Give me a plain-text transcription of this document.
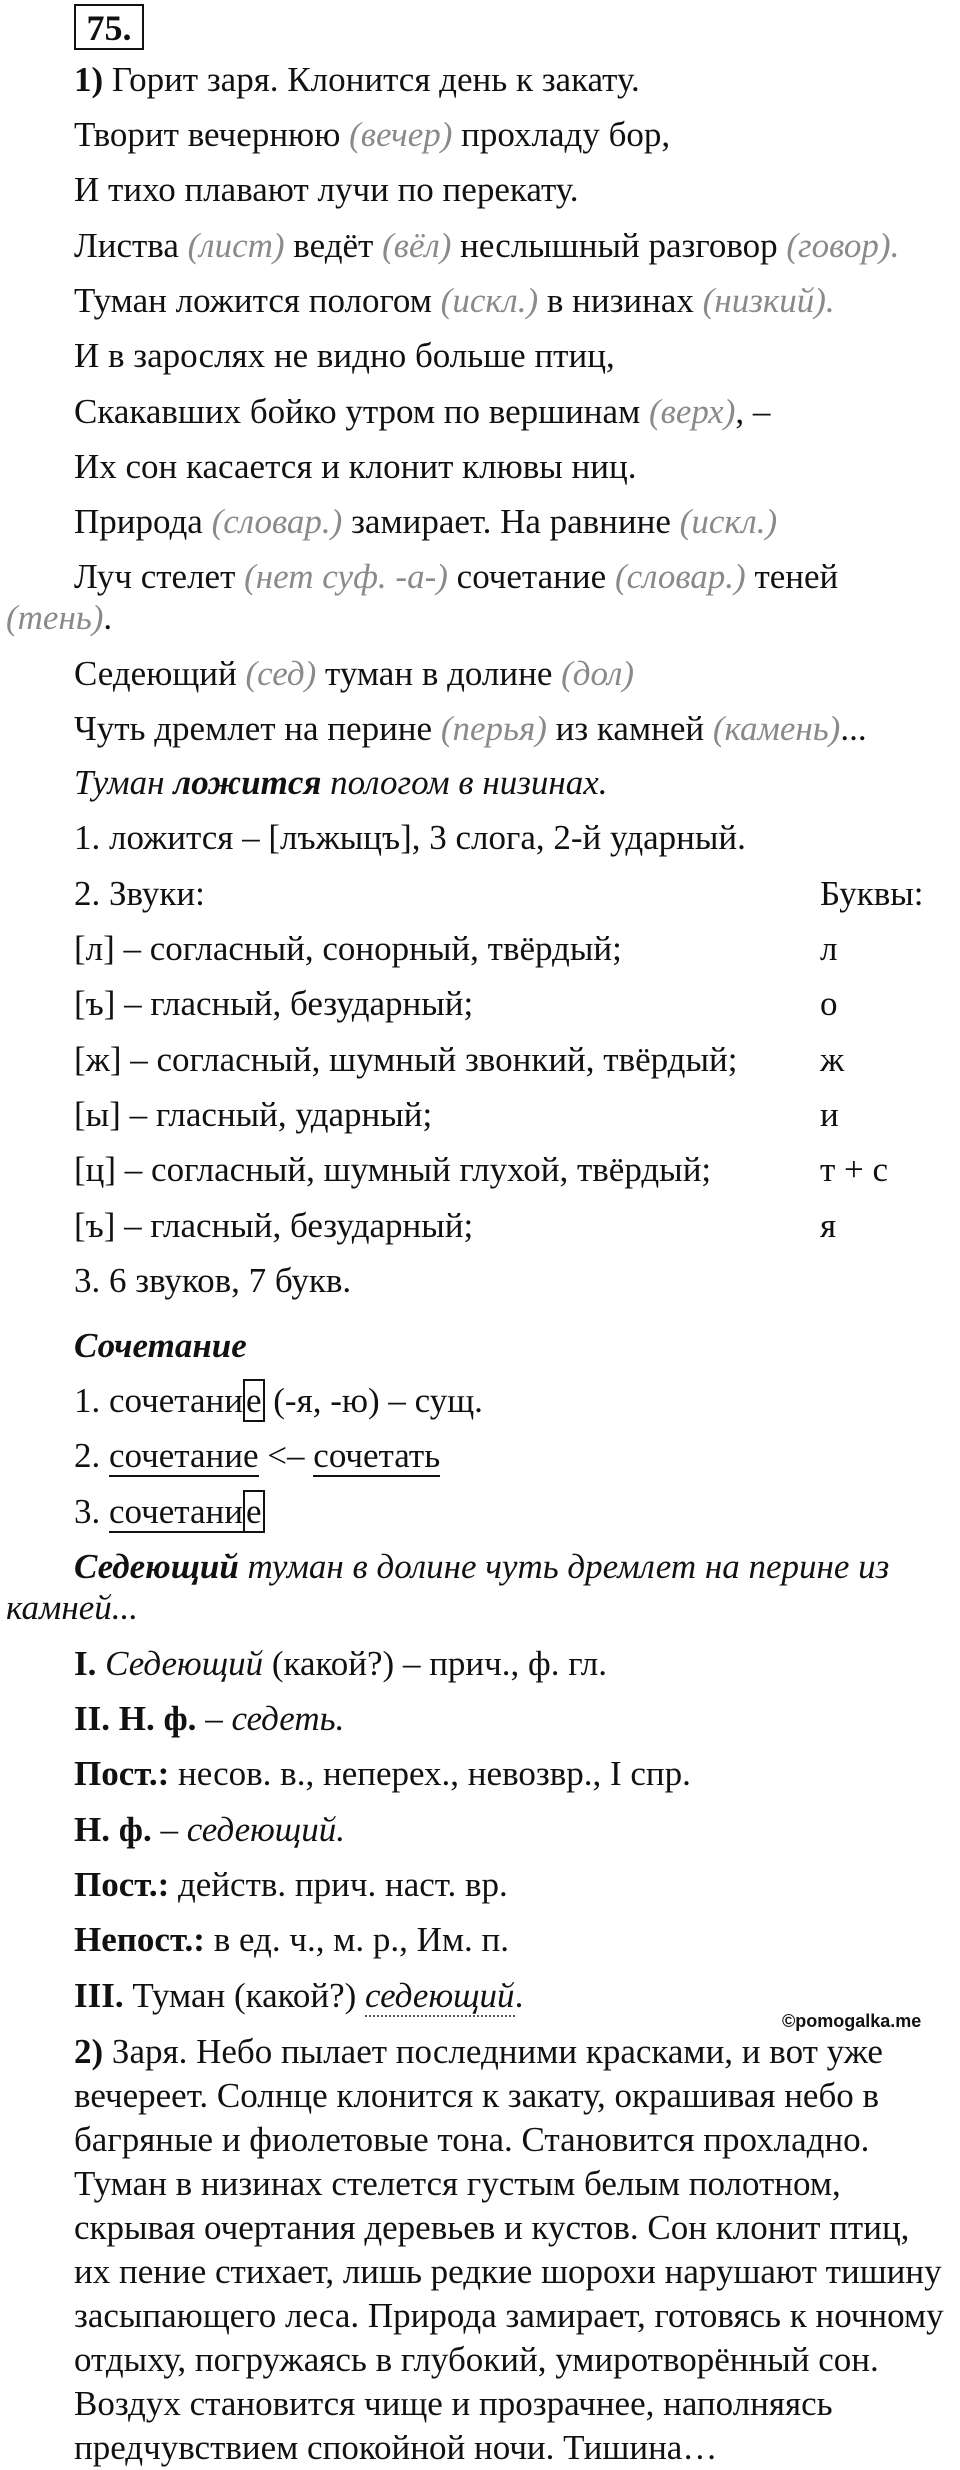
75.
1) Горит заря. Клонится день к закату.
Творит вечернюю (вечер) прохладу бор,
И тихо плавают лучи по перекату.
Листва (лист) ведёт (вёл) неслышный разговор (говор).
Туман ложится пологом (искл.) в низинах (низкий).
И в зарослях не видно больше птиц,
Скакавших бойко утром по вершинам (верх), –
Их сон касается и клонит клювы ниц.
Природа (словар.) замирает. На равнине (искл.)
Луч стелет (нет суф. -а-) сочетание (словар.) теней
(тень).
Седеющий (сед) туман в долине (дол)
Чуть дремлет на перине (перья) из камней (камень)...
Туман ложится пологом в низинах.
1. ложится – [лъжыцъ], 3 слога, 2-й ударный.
2. Звуки:	Буквы:
[л] – согласный, сонорный, твёрдый;	л
[ъ] – гласный, безударный;	о
[ж] – согласный, шумный звонкий, твёрдый; ж
[ы] – гласный, ударный;	и
[ц] – согласный, шумный глухой, твёрдый;	т + с
[ъ] – гласный, безударный;	я
3. 6 звуков, 7 букв.
Сочетание
1. сочетание (-я, -ю) – сущ.
2. сочетание <– сочетать
3. сочетание
Седеющий туман в долине чуть дремлет на перине из
камней...
I. Седеющий (какой?) – прич., ф. гл.
II. Н. ф. – седеть.
Пост.: несов. в., неперех., невозвр., I спр.
Н. ф. – седеющий.
Пост.: действ. прич. наст. вр.
Непост.: в ед. ч., м. р., Им. п.
III. Туман (какой?) седеющий.
©pomogalka.me
2) Заря. Небо пылает последними красками, и вот уже вечереет. Солнце клонится к закату, окрашивая небо в багряные и фиолетовые тона. Становится прохладно. Туман в низинах стелется густым белым полотном, скрывая очертания деревьев и кустов. Сон клонит птиц, их пение стихает, лишь редкие шорохи нарушают тишину засыпающего леса. Природа замирает, готовясь к ночному отдыху, погружаясь в глубокий, умиротворённый сон. Воздух становится чище и прозрачнее, наполняясь предчувствием спокойной ночи. Тишина…
